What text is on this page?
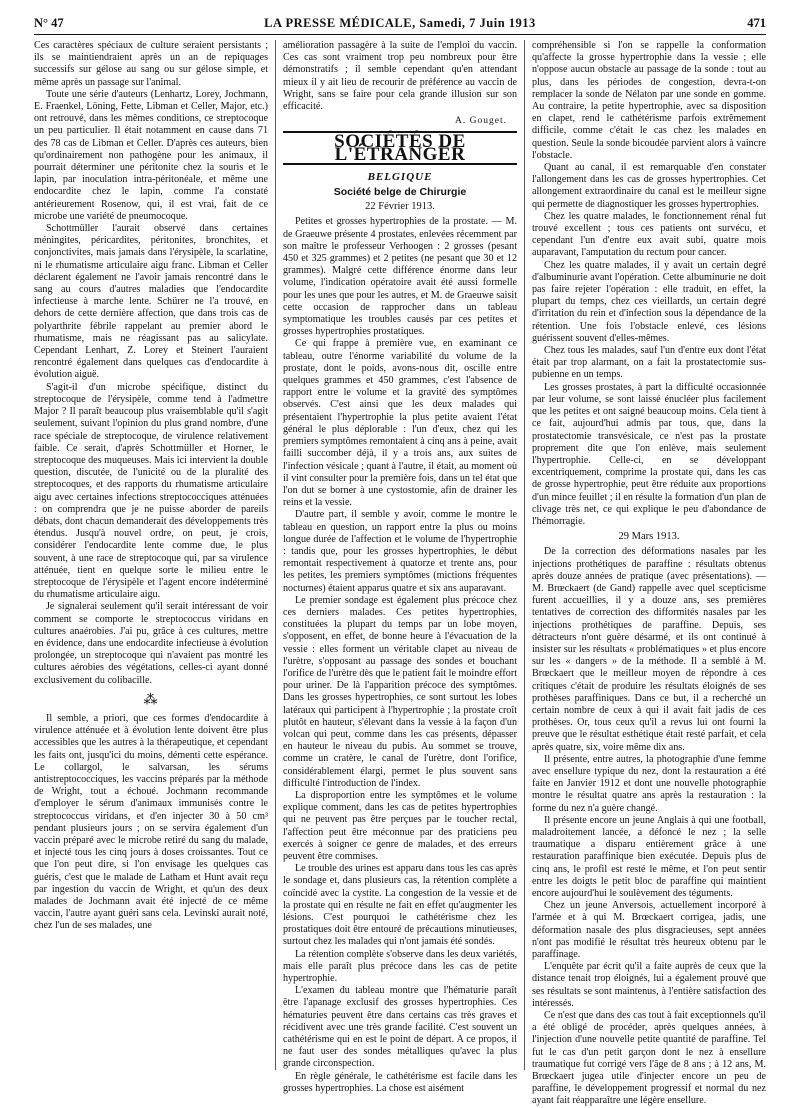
N° 47	LA PRESSE MÉDICALE, Samedi, 7 Juin 1913	471

Ces caractères spéciaux de culture seraient persistants ; ils se maintiendraient après un an de repiquages successifs sur gélose au sang ou sur gélose simple, et même après un passage sur l'animal.

Toute une série d'auteurs (Lenhartz, Lorey, Jochmann, E. Fraenkel, Löning, Fette, Libman et Celler, Major, etc.) ont retrouvé, dans les mêmes conditions, ce streptocoque un peu particulier. Il était notamment en cause dans 71 des 78 cas de Libman et Celler. D'après ces auteurs, bien qu'ordinairement non pathogène pour les animaux, il pourrait déterminer une péritonite chez la souris et le lapin, par inoculation intra-péritonéale, et même une endocardite chez le lapin, comme l'a constaté antérieurement Rosenow, qui, il est vrai, fait de ce microbe une variété de pneumocoque.

Schottmüller l'aurait observé dans certaines méningites, péricardites, péritonites, bronchites, et conjonctivites, mais jamais dans l'érysipèle, la scarlatine, ni le rhumatisme articulaire aigu franc. Libman et Celler déclarent également ne l'avoir jamais rencontré dans le sang au cours d'autres maladies que l'endocardite infectieuse à marche lente. Schürer ne l'a trouvé, en dehors de cette dernière affection, que dans trois cas de polyarthrite fébrile rappelant au premier abord le rhumatisme, mais ne réagissant pas au salicylate. Cependant Lenhart, Z. Lorey et Steinert l'auraient rencontré également dans quelques cas d'endocardite à évolution aiguë.

S'agit-il d'un microbe spécifique, distinct du streptocoque de l'érysipèle, comme tend à l'admettre Major ? Il paraît beaucoup plus vraisemblable qu'il s'agit seulement, suivant l'opinion du plus grand nombre, d'une race spéciale de streptocoque, de virulence relativement faible. Ce serait, d'après Schottmüller et Horner, le streptocoque des muqueuses. Mais ici intervient la double question, discutée, de l'unicité ou de la pluralité des streptocoques, et des rapports du rhumatisme articulaire aigu avec certaines infections streptococciques atténuées : on comprendra que je ne puisse aborder de pareils débats, dont chacun demanderait des développements très étendus. Jusqu'à nouvel ordre, on peut, je crois, considérer l'endocardite lente comme due, le plus souvent, à une race de streptocoque qui, par sa virulence atténuée, tient en quelque sorte le milieu entre le streptocoque de l'érysipèle et l'agent encore indéterminé du rhumatisme articulaire aigu.

Je signalerai seulement qu'il serait intéressant de voir comment se comporte le streptococcus viridans en cultures anaérobies. J'ai pu, grâce à ces cultures, mettre en évidence, dans une endocardite infectieuse à évolution prolongée, un streptocoque qui n'avaient pas montré les cultures aérobies des végétations, celles-ci ayant donné exclusivement du colibacille.

⁂

Il semble, a priori, que ces formes d'endocardite à virulence atténuée et à évolution lente doivent être plus accessibles que les autres à la thérapeutique, et cependant les faits ont, jusqu'ici du moins, démenti cette espérance. Le collargol, le salvarsan, les sérums antistreptococciques, les vaccins préparés par la méthode de Wright, tout a échoué. Jochmann recommande d'employer le sérum d'animaux immunisés contre le streptococcus viridans, et d'en injecter 30 à 50 cm³ pendant plusieurs jours ; on se servira également d'un vaccin préparé avec le microbe retiré du sang du malade, et injecté tous les cinq jours à doses croissantes. Tout ce que l'on peut dire, si l'on envisage les quelques cas guéris, c'est que le malade de Latham et Hunt avait reçu par ingestion du vaccin de Wright, et qu'un des deux malades de Jochmann avait été injecté de ce même vaccin, l'autre ayant guéri sans cela. Levinski aurait noté, chez l'un de ses malades, une

amélioration passagère à la suite de l'emploi du vaccin. Ces cas sont vraiment trop peu nombreux pour être démonstratifs ; il semble cependant qu'en attendant mieux il y ait lieu de recourir de préférence au vaccin de Wright, sans se faire pour cela grande illusion sur son efficacité.

A. Gouget.
SOCIÉTÉS DE L'ÉTRANGER
BELGIQUE
Société belge de Chirurgie
22 Février 1913.

Petites et grosses hypertrophies de la prostate. — M. de Graeuwe présente 4 prostates, enlevées récemment par son maître le professeur Verhoogen : 2 grosses (pesant 450 et 325 grammes) et 2 petites (ne pesant que 30 et 12 grammes). Malgré cette différence énorme dans leur volume, l'indication opératoire avait été aussi formelle pour les unes que pour les autres, et M. de Graeuwe saisit cette occasion de rapprocher dans un tableau symptomatique les troubles causés par ces petites et grosses hypertrophies prostatiques.

Ce qui frappe à première vue, en examinant ce tableau, outre l'énorme variabilité du volume de la prostate, dont le poids, avons-nous dit, oscille entre quelques grammes et 450 grammes, c'est l'absence de rapport entre le volume et la gravité des symptômes observés. C'est ainsi que les deux malades qui présentaient l'hypertrophie la plus petite avaient l'état général le plus déplorable : l'un d'eux, chez qui les premiers symptômes remontaient à cinq ans à peine, avait failli succomber déjà, il y a trois ans, aux suites de l'infection vésicale ; quant à l'autre, il était, au moment où il vint consulter pour la première fois, dans un tel état que l'on dut se borner à une cystostomie, afin de drainer les reins et la vessie.

D'autre part, il semble y avoir, comme le montre le tableau en question, un rapport entre la plus ou moins longue durée de l'affection et le volume de l'hypertrophie : tandis que, pour les grosses hypertrophies, le début remontait respectivement à quatorze et trente ans, pour les petites, les premiers symptômes (mictions fréquentes nocturnes) étaient apparus quatre et six ans auparavant.

Le premier sondage est également plus précoce chez ces derniers malades. Ces petites hypertrophies, constituées la plupart du temps par un lobe moyen, s'opposent, en effet, de bonne heure à l'évacuation de la vessie : elles forment un véritable clapet au niveau de l'urètre, s'opposant au passage des sondes et bouchant l'orifice de l'urètre dès que le patient fait le moindre effort pour uriner. De là l'apparition précoce des symptômes. Dans les grosses hypertrophies, ce sont surtout les lobes latéraux qui participent à l'hypertrophie ; la prostate croît plutôt en hauteur, s'élevant dans la vessie à la façon d'un volcan qui peut, comme dans les cas présents, dépasser en hauteur le niveau du pubis. Au sommet se trouve, comme un cratère, le canal de l'urètre, dont l'orifice, considérablement élargi, permet le plus souvent sans difficulté l'introduction de l'index.

La disproportion entre les symptômes et le volume explique comment, dans les cas de petites hypertrophies qui ne peuvent pas être perçues par le toucher rectal, l'affection peut être méconnue par des praticiens peu exercés à soigner ce genre de malades, et des erreurs peuvent être commises.

Le trouble des urines est apparu dans tous les cas après le sondage et, dans plusieurs cas, la rétention complète a coïncidé avec la cystite. La congestion de la vessie et de la prostate qui en résulte ne fait en effet qu'augmenter les lésions. C'est pourquoi le cathétérisme chez les prostatiques doit être entouré de précautions minutieuses, surtout chez les malades qui n'ont jamais été sondés.

La rétention complète s'observe dans les deux variétés, mais elle paraît plus précoce dans les cas de petite hypertrophie.

L'examen du tableau montre que l'hématurie paraît être l'apanage exclusif des grosses hypertrophies. Ces hématuries peuvent être dans certains cas très graves et récidivent avec une très grande facilité. C'est souvent un cathétérisme qui en est le point de départ. A ce propos, il ne faut user des sondes métalliques qu'avec la plus grande circonspection.

En règle générale, le cathétérisme est facile dans les grosses hypertrophies. La chose est aisément

compréhensible si l'on se rappelle la conformation qu'affecte la grosse hypertrophie dans la vessie ; elle n'oppose aucun obstacle au passage de la sonde : tout au plus, dans les périodes de congestion, devra-t-on remplacer la sonde de Nélaton par une sonde en gomme. Au contraire, la petite hypertrophie, avec sa disposition en clapet, rend le cathétérisme parfois extrêmement difficile, comme c'était le cas chez les malades en question. Seule la sonde bicoudée parvient alors à vaincre l'obstacle.

Quant au canal, il est remarquable d'en constater l'allongement dans les cas de grosses hypertrophies. Cet allongement extraordinaire du canal est le meilleur signe qui permette de diagnostiquer les grosses hypertrophies.

Chez les quatre malades, le fonctionnement rénal fut trouvé excellent ; tous ces patients ont survécu, et cependant l'un d'entre eux avait subi, quatre mois auparavant, l'amputation du rectum pour cancer.

Chez les quatre malades, il y avait un certain degré d'albuminurie avant l'opération. Cette albuminurie ne doit pas faire rejeter l'opération : elle traduit, en effet, la plupart du temps, chez ces vieillards, un certain degré d'irritation du rein et d'infection sous la dépendance de la rétention. Une fois l'obstacle enlevé, ces lésions guérissent souvent d'elles-mêmes.

Chez tous les malades, sauf l'un d'entre eux dont l'état était par trop alarmant, on a fait la prostatectomie sus-pubienne en un temps.

Les grosses prostates, à part la difficulté occasionnée par leur volume, se sont laissé énucléer plus facilement que les petites et ont saigné beaucoup moins. Cela tient à ce fait, aujourd'hui admis par tous, que, dans la prostatectomie transvésicale, ce n'est pas la prostate proprement dite que l'on enlève, mais seulement l'hypertrophie. Celle-ci, en se développant excentriquement, comprime la prostate qui, dans les cas de grosse hypertrophie, peut être réduite aux proportions d'un mince feuillet ; il en résulte la formation d'un plan de clivage très net, ce qui explique le peu d'abondance de l'hémorragie.

29 Mars 1913.

De la correction des déformations nasales par les injections prothétiques de paraffine : résultats obtenus après douze années de pratique (avec présentations). — M. Brœckaert (de Gand) rappelle avec quel scepticisme furent accueillies, il y a douze ans, ses premières tentatives de correction des difformités nasales par les injections prothétiques de paraffine. Depuis, ses détracteurs n'ont guère désarmé, et ils ont continué à insister sur les résultats « problématiques » et plus encore sur les « dangers » de la méthode. Il a semblé à M. Brœckaert que le meilleur moyen de répondre à ces critiques c'était de produire les résultats éloignés de ses prothèses paraffiniques. Dans ce but, il a recherché un certain nombre de ceux à qui il avait fait jadis de ces prothèses. Or, tous ceux qu'il a revus lui ont fourni la preuve que le résultat esthétique était resté parfait, et cela après quatre, six, voire même dix ans.

Il présente, entre autres, la photographie d'une femme avec ensellure typique du nez, dont la restauration a été faite en Janvier 1912 et dont une nouvelle photographie montre le résultat quatre ans après la restauration : la forme du nez n'a guère changé.

Il présente encore un jeune Anglais à qui une football, maladroitement lancée, a défoncé le nez ; la selle traumatique a disparu entièrement grâce à une restauration paraffinique bien exécutée. Depuis plus de cinq ans, le profil est resté le même, et l'on peut sentir entre les doigts le petit bloc de paraffine qui maintient encore aujourd'hui le soulèvement des téguments.

Chez un jeune Anversois, actuellement incorporé à l'armée et à qui M. Brœckaert corrigea, jadis, une déformation nasale des plus disgracieuses, sept années n'ont pas modifié le résultat très heureux obtenu par le paraffinage.

L'enquête par écrit qu'il a faite auprès de ceux que la distance tenait trop éloignés, lui a également prouvé que ses résultats se sont maintenus, à l'entière satisfaction des intéressés.

Ce n'est que dans des cas tout à fait exceptionnels qu'il a été obligé de procéder, après quelques années, à l'injection d'une nouvelle petite quantité de paraffine. Tel fut le cas d'un petit garçon dont le nez à ensellure traumatique fut corrigé vers l'âge de 8 ans ; à 12 ans, M. Brœckaert jugea utile d'injecter encore un peu de paraffine, le développement progressif et normal du nez ayant fait réapparaître une légère ensellure.
